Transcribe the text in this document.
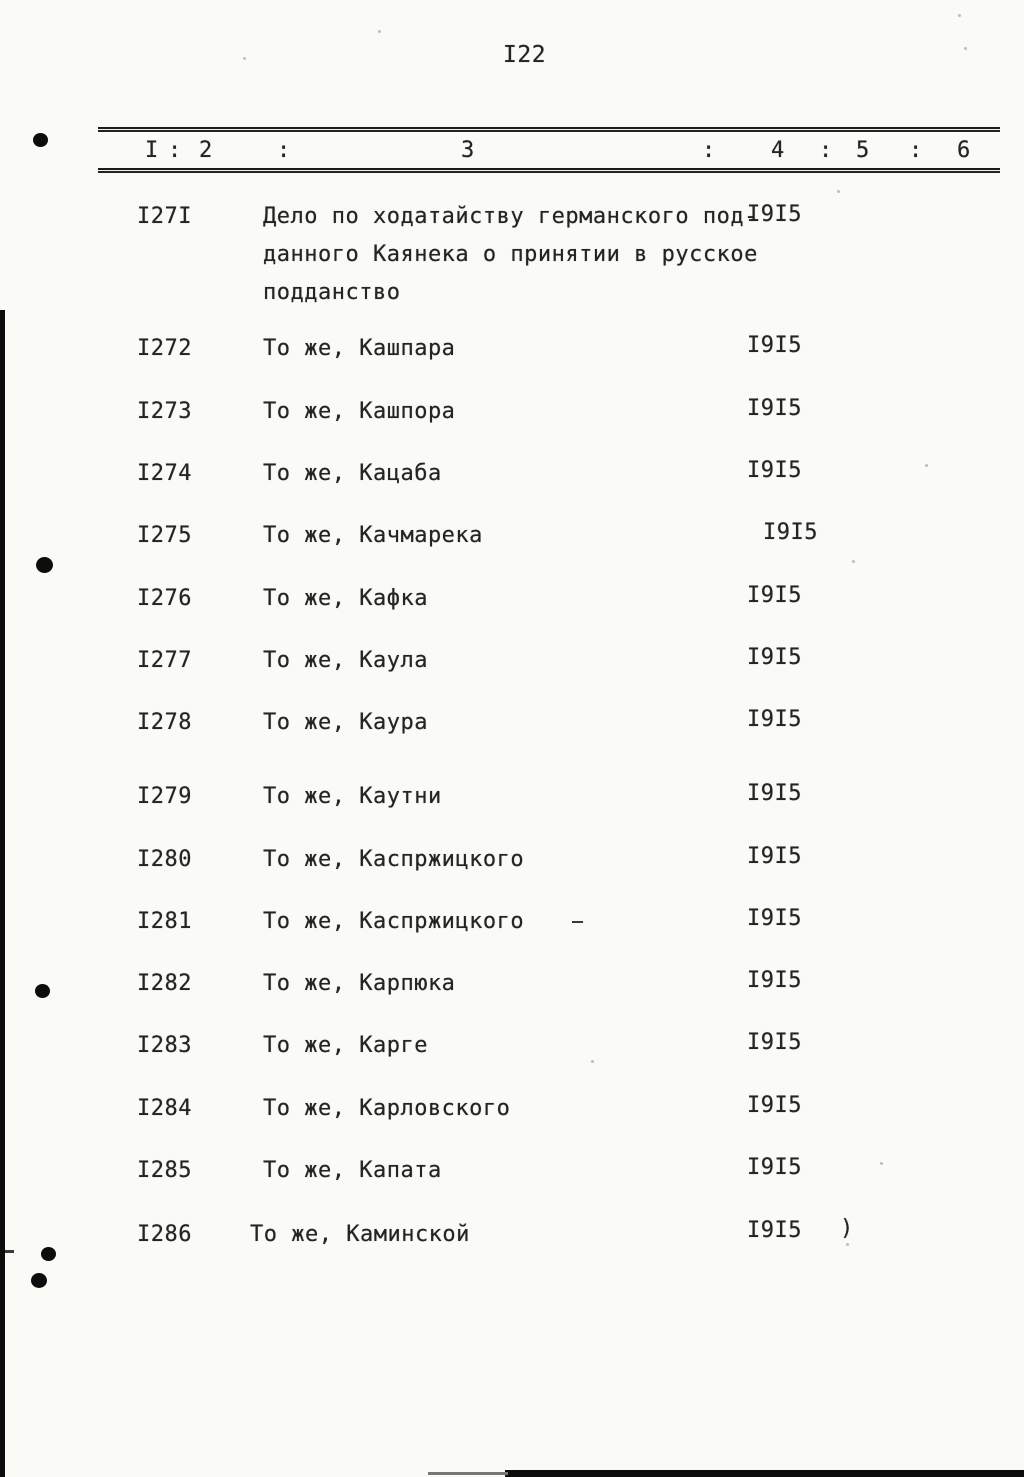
I22
I : 2	:	3	:	4 : 5 : 6
I27I	Дело по ходатайству германского под-
данного Каянека о принятии в русское
подданство
I9I5
I272	То же, Кашпара	I9I5
I273	То же, Кашпора	I9I5
I274	То же, Кацаба	I9I5
I275	То же, Качмарека	I9I5
I276	То же, Кафка	I9I5
I277	То же, Каула	I9I5
I278	То же, Каура	I9I5
I279	То же, Каутни	I9I5
I280	То же, Каспржицкого	I9I5
I281	То же, Каспржицкого	I9I5
I282	То же, Карпюка	I9I5
I283	То же, Карге	I9I5
I284	То же, Карловского	I9I5
I285	То же, Капата	I9I5
I286	То же, Каминской	I9I5 )
